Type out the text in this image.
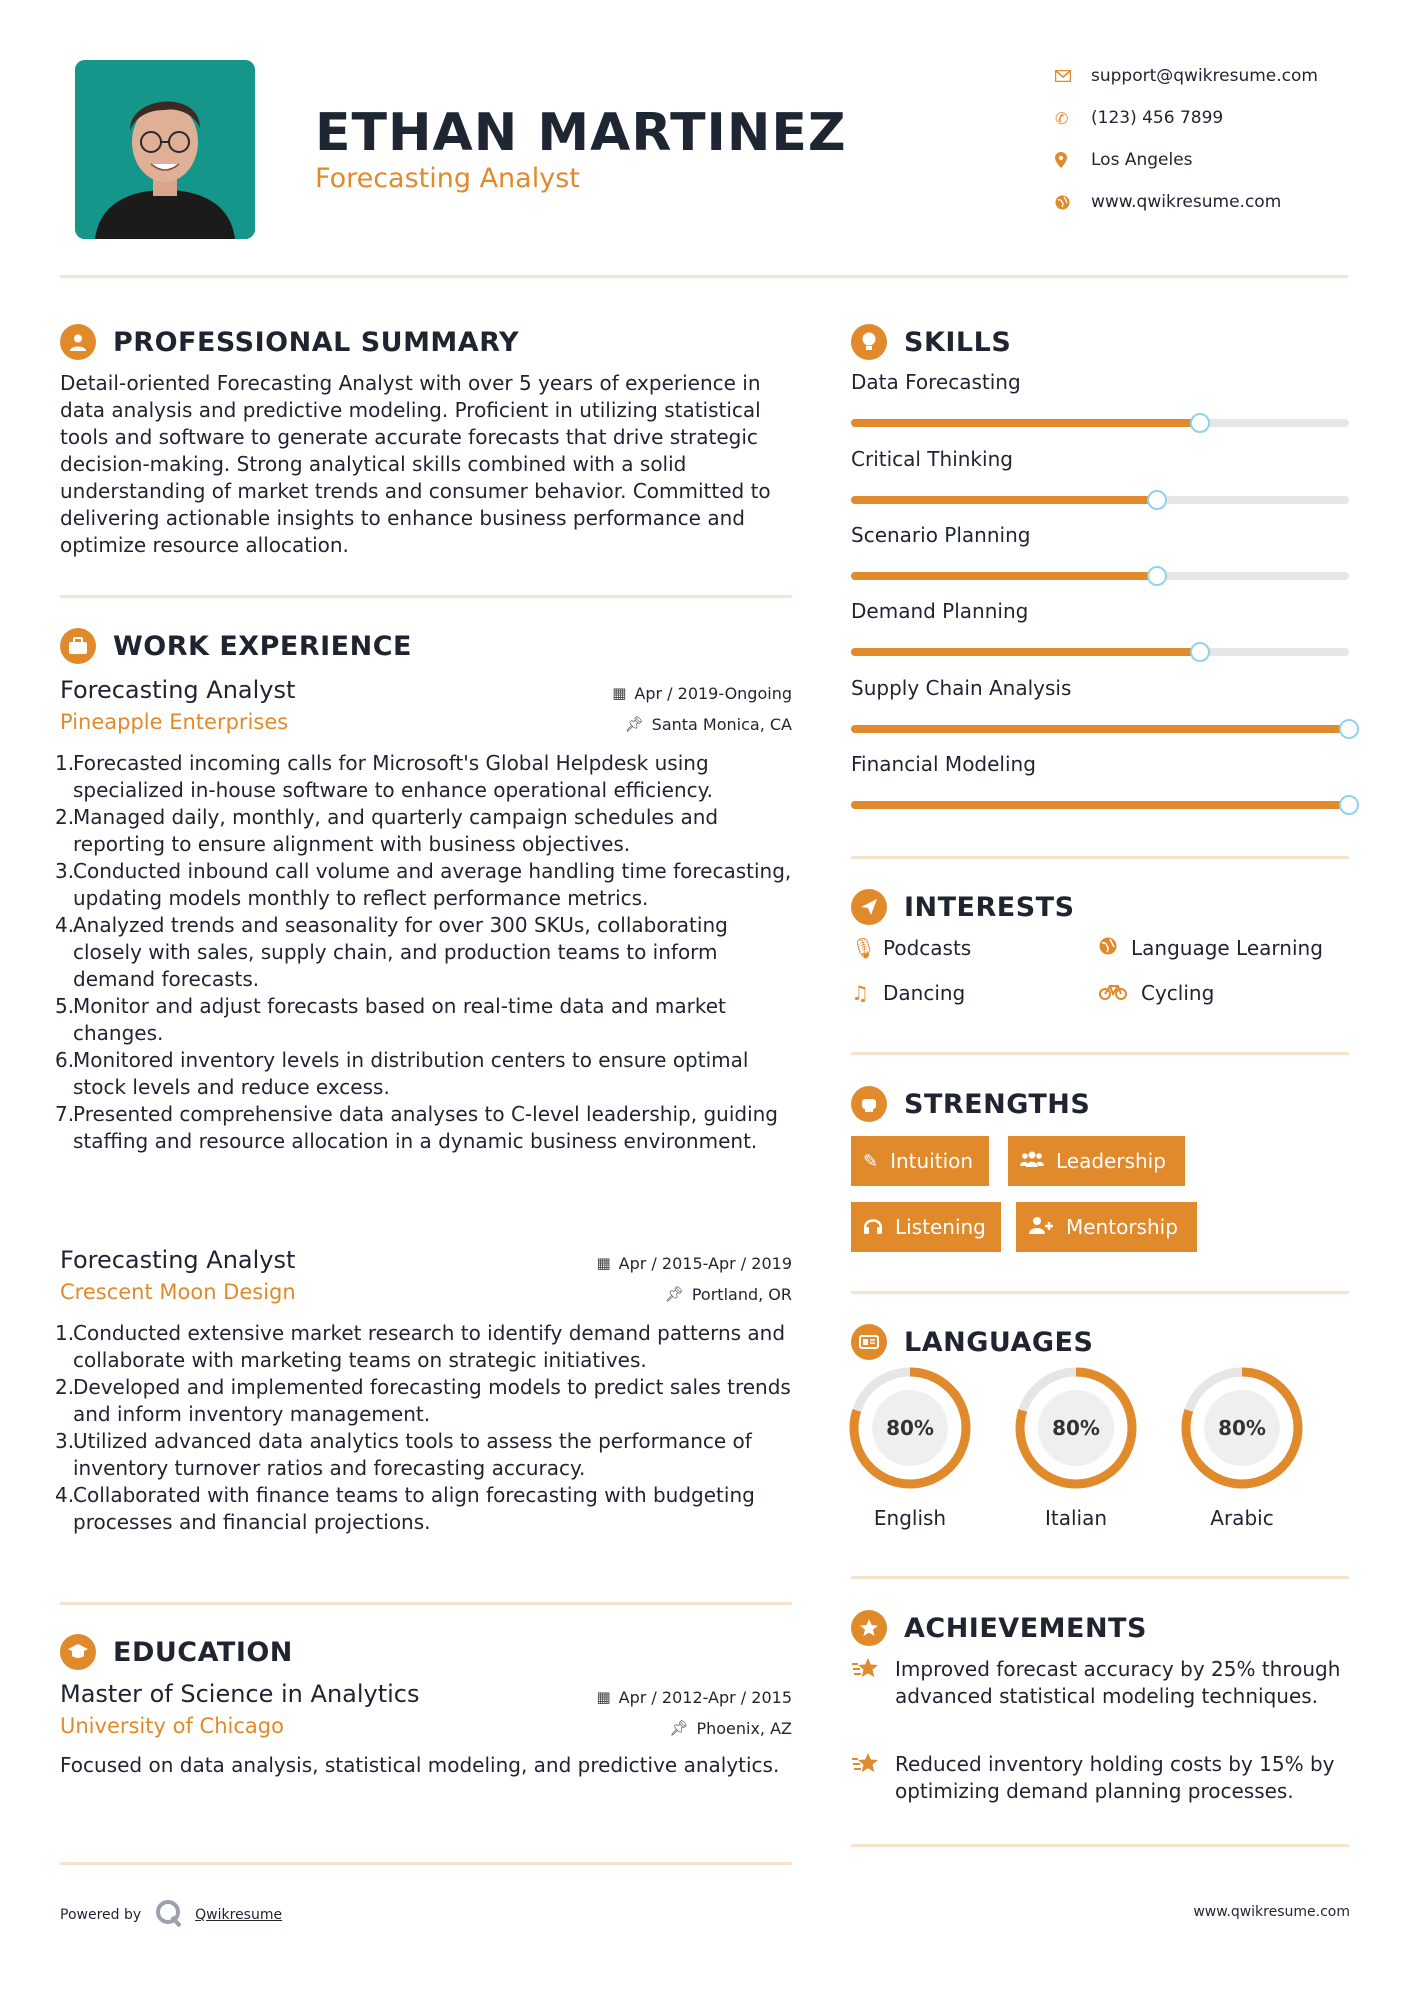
ETHAN MARTINEZ
Forecasting Analyst
support@qwikresume.com
✆	(123) 456 7899
Los Angeles
www.qwikresume.com
PROFESSIONAL SUMMARY
Detail-oriented Forecasting Analyst with over 5 years of experience in data analysis and predictive modeling. Proficient in utilizing statistical tools and software to generate accurate forecasts that drive strategic decision-making. Strong analytical skills combined with a solid understanding of market trends and consumer behavior. Committed to delivering actionable insights to enhance business performance and optimize resource allocation.
WORK EXPERIENCE
Forecasting Analyst	▦ Apr / 2019-Ongoing
Pineapple Enterprises	📌︎ Santa Monica, CA
1.
Forecasted incoming calls for Microsoft's Global Helpdesk using specialized in-house software to enhance operational efficiency.
2.
Managed daily, monthly, and quarterly campaign schedules and reporting to ensure alignment with business objectives.
3.
Conducted inbound call volume and average handling time forecasting, updating models monthly to reflect performance metrics.
4.
Analyzed trends and seasonality for over 300 SKUs, collaborating closely with sales, supply chain, and production teams to inform demand forecasts.
5.
Monitor and adjust forecasts based on real-time data and market changes.
6.
Monitored inventory levels in distribution centers to ensure optimal stock levels and reduce excess.
7.
Presented comprehensive data analyses to C-level leadership, guiding staffing and resource allocation in a dynamic business environment.
Forecasting Analyst	▦ Apr / 2015-Apr / 2019
Crescent Moon Design	📌︎ Portland, OR
1.
Conducted extensive market research to identify demand patterns and collaborate with marketing teams on strategic initiatives.
2.
Developed and implemented forecasting models to predict sales trends and inform inventory management.
3.
Utilized advanced data analytics tools to assess the performance of inventory turnover ratios and forecasting accuracy.
4.
Collaborated with finance teams to align forecasting with budgeting processes and financial projections.
EDUCATION
Master of Science in Analytics	▦ Apr / 2012-Apr / 2015
University of Chicago	📌︎ Phoenix, AZ
Focused on data analysis, statistical modeling, and predictive analytics.
SKILLS
Data Forecasting
Critical Thinking
Scenario Planning
Demand Planning
Supply Chain Analysis
Financial Modeling
INTERESTS
🎙︎ Podcasts	Language Learning
♫ Dancing	Cycling
STRENGTHS
✎ Intuition	Leadership
Listening	Mentorship
LANGUAGES
80%
English
80%
Italian
80%
Arabic
ACHIEVEMENTS
Improved forecast accuracy by 25% through advanced statistical modeling techniques.
Reduced inventory holding costs by 15% by optimizing demand planning processes.
Powered by	Qwikresume	www.qwikresume.com
